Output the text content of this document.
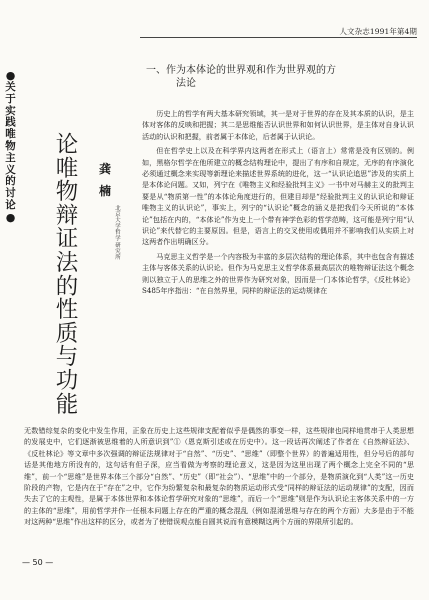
人文杂志1991年第4期
●
关
于
实
践
唯
物
主
义
的
讨
论
●
论
唯
物
辩
证
法
的
性
质
与
功
能
龚
楠
北
京
大
学
哲
学
研
究
所
一、作为本体论的世界观和作为世界观的方
法论

历史上的哲学有两大基本研究领域，其一是对于世界的存在及其本质的认识，是主体对客体的反映和把握；其二是思维能否认识世界和如何认识世界，是主体对自身认识活动的认识和把握，前者属于本体论，后者属于认识论。

但在哲学史上以及在科学界内这两者在形式上（语言上）常常是没有区别的。例如，黑格尔哲学在他所建立的概念结构理论中，提出了有序和自规定，无序的有序演化必须通过概念来实现等新理论来描述世界系统的进化，这一“认识论追思”涉及的实质上是本体论问题。又如，列宁在《唯物主义和经验批判主义》一书中对马赫主义的批判主要是从“物质第一性”的本体论角度进行的，但建目却是“经验批判主义的认识论和辩证唯物主义的认识论”，事实上，列宁的“认识论”概念的涵义是把我们今天所说的“本体论”包括在内的，“本体论”作为史上一个带有神学色彩的哲学范畴，这可能是列宁用“认识论”来代替它的主要原因。但是，语言上的交叉使用或偶用并不影响我们从实质上对这两者作出明确区分。

马克思主义哲学是一个内容极为丰富的多层次结构的理论体系，其中也包含有描述主体与客体关系的认识论。但作为马克思主义哲学体系最高层次的唯物辩证法这个概念则以独立于人的思维之外的世界作为研究对象，因而是一门本体论哲学，《反杜林论》S485年序指出：“在自然界里，同样的辩证法的运动规律在

无数错综复杂的变化中发生作用，正象在历史上这些规律支配着似乎是偶然的事变一样，这些规律也同样地贯串于人类思想的发展史中，它们逐渐被思维着的人所意识到”①（恩克斯引述或在历史中）。这一段话再次阐述了作者在《自然辩证法》、《反杜林论》等文章中多次强调的辩证法规律对于“自然”、“历史”、“思维”（即整个世界）的普遍适用性，但分号后的部句话是其他地方所没有的，这句话有但子深，应当看做为考察的理论意义，这是因为这里出现了两个概念上完全不同的“思维”，前一个“思维”是世界本体三个部分“自然”、“历史”（即“社会”）、“思维”中的一个部分，是物质演化到“人类”这一历史阶段的产物，它是内在于“存在”之中，它作为纷繁复杂和最复杂的物质运动形式受“同样的辩证法的运动规律”的支配，因而失去了它的主观性，是属于本体世界和本体论哲学研究对象的“思维”，而后一个“思维”则是作为认识论主客体关系中的一方的主体的“思维”，用前哲学并作一任根本问题上存在的严重的概念混乱（例如混淆思维与存在的两个方面）大多是由于不能对这两种“思维”作出这样的区分，或者为了使错误观点能自圆其说而有意模糊这两个方面的界限所引起的。

— 50 —
